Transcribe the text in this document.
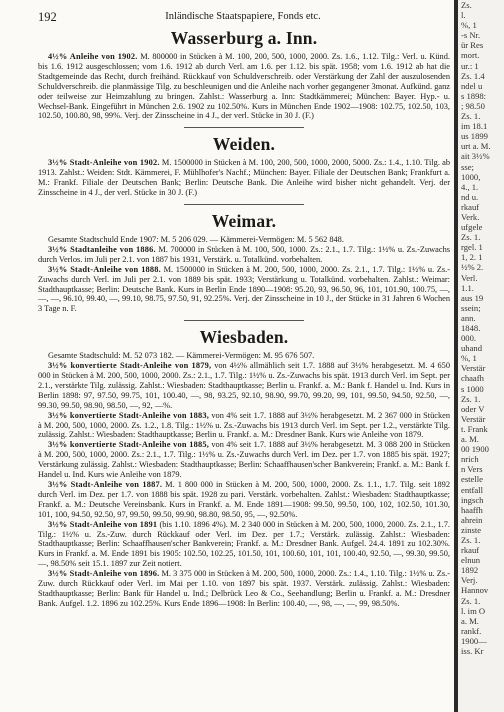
192	Inländische Staatspapiere, Fonds etc.
Wasserburg a. Inn.

4½% Anleihe von 1902. M. 800000 in Stücken à M. 100, 200, 500, 1000, 2000. Zs. 1.6., 1.12. Tilg.: Verl. u. Künd. bis 1.6. 1912 ausgeschlossen; vom 1.6. 1912 ab durch Verl. am 1.6. per 1.12. bis spät. 1958; vom 1.6. 1912 ab hat die Stadtgemeinde das Recht, durch freihänd. Rückkauf von Schuldverschreib. oder Verstärkung der Zahl der auszulosenden Schuldverschreib. die planmässige Tilg. zu beschleunigen und die Anleihe nach vorher gegangener 3monat. Aufkünd. ganz oder teilweise zur Heimzahlung zu bringen. Zahlst.: Wasserburg a. Inn: Stadtkämmerei; München: Bayer. Hyp.- u. Wechsel-Bank. Eingeführt in München 2.6. 1902 zu 102.50%. Kurs in München Ende 1902—1908: 102.75, 102.50, 103, 102.50, 100.80, 98, 99%. Verj. der Zinsscheine in 4 J., der verl. Stücke in 30 J. (F.)

Weiden.

3½% Stadt-Anleihe von 1902. M. 1500000 in Stücken à M. 100, 200, 500, 1000, 2000, 5000. Zs.: 1.4., 1.10. Tilg. ab 1913. Zahlst.: Weiden: Stdt. Kämmerei, F. Mühlhofer's Nachf.; München: Bayer. Filiale der Deutschen Bank; Frankfurt a. M.: Frankf. Filiale der Deutschen Bank; Berlin: Deutsche Bank. Die Anleihe wird bisher nicht gehandelt. Verj. der Zinsscheine in 4 J., der verl. Stücke in 30 J. (F.)

Weimar.

Gesamte Stadtschuld Ende 1907: M. 5 206 029. — Kämmerei-Vermögen: M. 5 562 848.

3½% Stadtanleihe von 1886. M. 700000 in Stücken à M. 100, 500, 1000. Zs.: 2.1., 1.7. Tilg.: 1½% u. Zs.-Zuwachs durch Verlos. im Juli per 2.1. von 1887 bis 1931, Verstärk. u. Totalkünd. vorbehalten.

3½% Stadt-Anleihe von 1888. M. 1500000 in Stücken à M. 200, 500, 1000, 2000. Zs. 2.1., 1.7. Tilg.: 1½% u. Zs.-Zuwachs durch Verl. im Juli per 2.1. von 1889 bis spät. 1933; Verstärkung u. Totalkünd. vorbehalten. Zahlst.: Weimar: Stadthauptkasse; Berlin: Deutsche Bank. Kurs in Berlin Ende 1890—1908: 95.20, 93, 96.50, 96, 101, 101.90, 100.75, —, —, —, 96.10, 99.40, —, 99.10, 98.75, 97.50, 91, 92.25%. Verj. der Zinsscheine in 10 J., der Stücke in 31 Jahren 6 Wochen 3 Tage n. F.

Wiesbaden.

Gesamte Stadtschuld: M. 52 073 182. — Kämmerei-Vermögen: M. 95 676 507.

3½% konvertierte Stadt-Anleihe von 1879, von 4½% allmählich seit 1.7. 1888 auf 3½% herabgesetzt. M. 4 650 000 in Stücken à M. 200, 500, 1000, 2000. Zs.: 2.1., 1.7. Tilg.: 1½% u. Zs.-Zuwachs bis spät. 1913 durch Verl. im Sept. per 2.1., verstärkte Tilg. zulässig. Zahlst.: Wiesbaden: Stadthauptkasse; Berlin u. Frankf. a. M.: Bank f. Handel u. Ind. Kurs in Berlin 1898: 97, 97.50, 99.75, 101, 100.40, —, 98, 93.25, 92.10, 98.90, 99.70, 99.20, 99, 101, 99.50, 94.50, 92.50, —, 99.30, 99.50, 98.90, 98.50, —, 92, —%.

3½% konvertierte Stadt-Anleihe von 1883, von 4% seit 1.7. 1888 auf 3½% herabgesetzt. M. 2 367 000 in Stücken à M. 200, 500, 1000, 2000. Zs. 1.2., 1.8. Tilg.: 1½% u. Zs.-Zuwachs bis 1913 durch Verl. im Sept. per 1.2., verstärkte Tilg. zulässig. Zahlst.: Wiesbaden: Stadthauptkasse; Berlin u. Frankf. a. M.: Dresdner Bank. Kurs wie Anleihe von 1879.

3½% konvertierte Stadt-Anleihe von 1885, von 4% seit 1.7. 1888 auf 3½% herabgesetzt. M. 3 088 200 in Stücken à M. 200, 500, 1000, 2000. Zs.: 2.1., 1.7. Tilg.: 1½% u. Zs.-Zuwachs durch Verl. im Dez. per 1.7. von 1885 bis spät. 1927; Verstärkung zulässig. Zahlst.: Wiesbaden: Stadthauptkasse; Berlin: Schaaffhausen'scher Bankverein; Frankf. a. M.: Bank f. Handel u. Ind. Kurs wie Anleihe von 1879.

3½% Stadt-Anleihe von 1887. M. 1 800 000 in Stücken à M. 200, 500, 1000, 2000. Zs. 1.1., 1.7. Tilg. seit 1892 durch Verl. im Dez. per 1.7. von 1888 bis spät. 1928 zu pari. Verstärk. vorbehalten. Zahlst.: Wiesbaden: Stadthauptkasse; Frankf. a. M.: Deutsche Vereinsbank. Kurs in Frankf. a. M. Ende 1891—1908: 99.50, 99.50, 100, 102, 102.50, 101.30, 101, 100, 94.50, 92.50, 97, 99.50, 99.50, 99.90, 98.80, 98.50, 95, —, 92.50%.

3½% Stadt-Anleihe von 1891 (bis 1.10. 1896 4%). M. 2 340 000 in Stücken à M. 200, 500, 1000, 2000. Zs. 2.1., 1.7. Tilg.: 1½% u. Zs.-Zuw. durch Rückkauf oder Verl. im Dez. per 1.7.; Verstärk. zulässig. Zahlst.: Wiesbaden: Stadthauptkasse; Berlin: Schaaffhausen'scher Bankverein; Frankf. a. M.: Dresdner Bank. Aufgel. 24.4. 1891 zu 102.30%. Kurs in Frankf. a. M. Ende 1891 bis 1905: 102.50, 102.25, 101.50, 101, 100.60, 101, 101, 100.40, 92.50, —, 99.30, 99.50, —, 98.50% seit 15.1. 1897 zur Zeit notiert.

3½% Stadt-Anleihe von 1896. M. 3 375 000 in Stücken à M. 200, 500, 1000, 2000. Zs.: 1.4., 1.10. Tilg.: 1½% u. Zs.-Zuw. durch Rückkauf oder Verl. im Mai per 1.10. von 1897 bis spät. 1937. Verstärk. zulässig. Zahlst.: Wiesbaden: Stadthauptkasse; Berlin: Bank für Handel u. Ind.; Delbrück Leo & Co., Seehandlung; Berlin u. Frankf. a. M.: Dresdner Bank. Aufgel. 1.2. 1896 zu 102.25%. Kurs Ende 1896—1908: In Berlin: 100.40, —, 98, —, —, 99, 98.50%.

Zs.
l.
%, 1
-s Nr.
ür Res
mort.
ur.: 1
Zs. 1.4
ndel u
s 1898:
; 98.50
Zs. 1.
im 18.1
us 1899
urt a. M.
ait 3½%
sse;
1000,
4., 1.
nd u.
rkauf
Verk.
ufgele
Zs. 1.
rgel. 1
1, 2. 1
½% 2.
Verl.
1.1.
aus 19
ssein;
ann.
1848.
000.
uhand
%, 1
Verstär
chaafh
s 1000
Zs. 1.
oder V
Verstär
t. Frank
a. M.
00 1900
nrich
n Vers
estelle
entfall
ingsch
haaffh
ahrein
zinste
Zs. 1.
rkauf
elnun
1892
Verj.
Hannov
Zs. 1.
l. im O
a. M.
rankf.
1900—
iss. Kr
